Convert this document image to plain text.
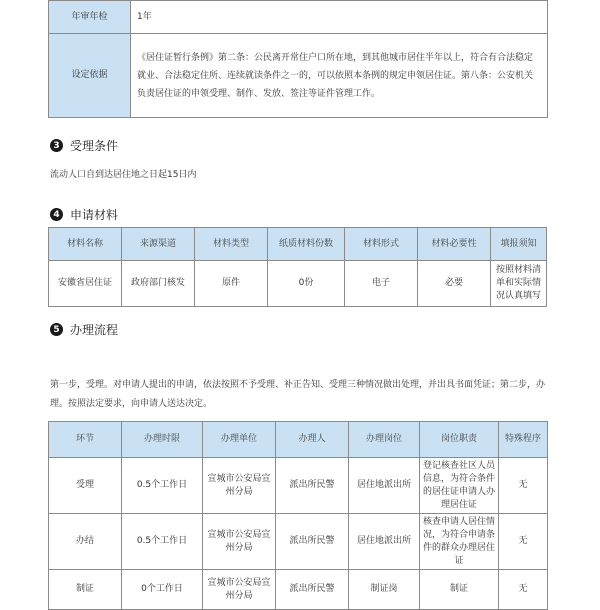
年审年检	1年
设定依据	《居住证暂行条例》第二条：公民离开常住户口所在地，到其他城市居住半年以上，符合有合法稳定就业、合法稳定住所、连续就读条件之一的，可以依照本条例的规定申领居住证。第八条：公安机关负责居住证的申领受理、制作、发放、签注等证件管理工作。
3 受理条件
流动人口自到达居住地之日起15日内
4 申请材料
材料名称	来源渠道	材料类型	纸质材料份数	材料形式	材料必要性	填报须知
安徽省居住证	政府部门核发	原件	0份	电子	必要	按照材料清单和实际情况认真填写
5 办理流程
第一步，受理。对申请人提出的申请，依法按照不予受理、补正告知、受理三种情况做出处理，并出具书面凭证；第二步，办理。按照法定要求，向申请人送达决定。
环节	办理时限	办理单位	办理人	办理岗位	岗位职责	特殊程序
受理	0.5个工作日	宣城市公安局宣州分局	派出所民警	居住地派出所	登记核查社区人员信息，为符合条件的居住证申请人办理居住证	无
办结	0.5个工作日	宣城市公安局宣州分局	派出所民警	居住地派出所	核查申请人居住情况，为符合申请条件的群众办理居住证	无
制证	0个工作日	宣城市公安局宣州分局	派出所民警	制证岗	制证	无
